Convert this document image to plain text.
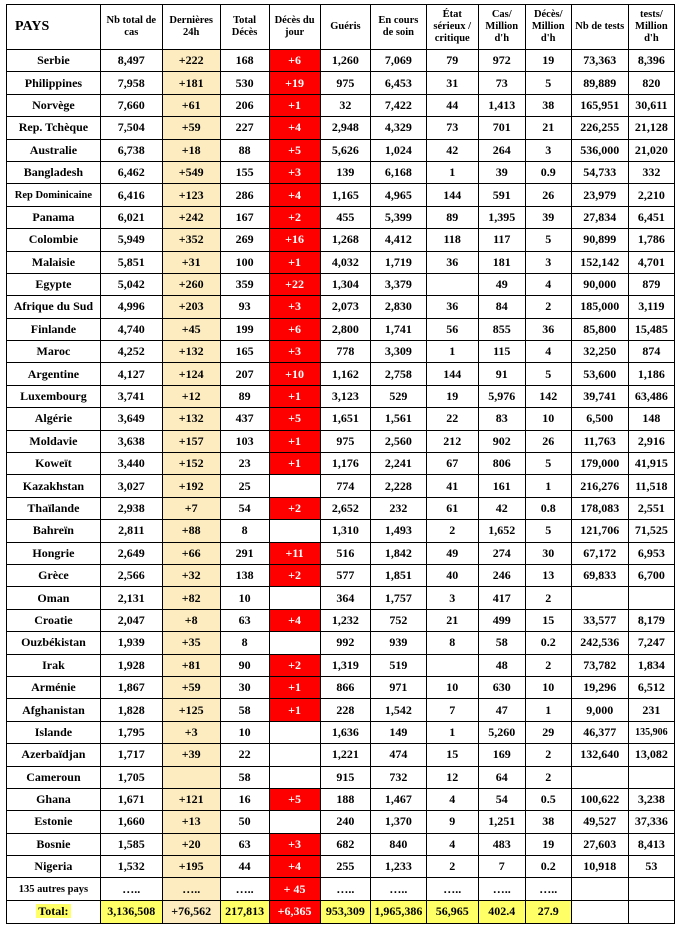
PAYS	Nb total de cas	Dernières 24h	Total Décès	Décès du jour	Guéris	En cours de soin	État sérieux / critique	Cas/ Million d'h	Décès/ Million d'h	Nb de tests	tests/ Million d'h
Serbie	8,497	+222	168	+6	1,260	7,069	79	972	19	73,363	8,396
Philippines	7,958	+181	530	+19	975	6,453	31	73	5	89,889	820
Norvège	7,660	+61	206	+1	32	7,422	44	1,413	38	165,951	30,611
Rep. Tchèque	7,504	+59	227	+4	2,948	4,329	73	701	21	226,255	21,128
Australie	6,738	+18	88	+5	5,626	1,024	42	264	3	536,000	21,020
Bangladesh	6,462	+549	155	+3	139	6,168	1	39	0.9	54,733	332
Rep Dominicaine	6,416	+123	286	+4	1,165	4,965	144	591	26	23,979	2,210
Panama	6,021	+242	167	+2	455	5,399	89	1,395	39	27,834	6,451
Colombie	5,949	+352	269	+16	1,268	4,412	118	117	5	90,899	1,786
Malaisie	5,851	+31	100	+1	4,032	1,719	36	181	3	152,142	4,701
Egypte	5,042	+260	359	+22	1,304	3,379		49	4	90,000	879
Afrique du Sud	4,996	+203	93	+3	2,073	2,830	36	84	2	185,000	3,119
Finlande	4,740	+45	199	+6	2,800	1,741	56	855	36	85,800	15,485
Maroc	4,252	+132	165	+3	778	3,309	1	115	4	32,250	874
Argentine	4,127	+124	207	+10	1,162	2,758	144	91	5	53,600	1,186
Luxembourg	3,741	+12	89	+1	3,123	529	19	5,976	142	39,741	63,486
Algérie	3,649	+132	437	+5	1,651	1,561	22	83	10	6,500	148
Moldavie	3,638	+157	103	+1	975	2,560	212	902	26	11,763	2,916
Koweït	3,440	+152	23	+1	1,176	2,241	67	806	5	179,000	41,915
Kazakhstan	3,027	+192	25		774	2,228	41	161	1	216,276	11,518
Thaïlande	2,938	+7	54	+2	2,652	232	61	42	0.8	178,083	2,551
Bahreïn	2,811	+88	8		1,310	1,493	2	1,652	5	121,706	71,525
Hongrie	2,649	+66	291	+11	516	1,842	49	274	30	67,172	6,953
Grèce	2,566	+32	138	+2	577	1,851	40	246	13	69,833	6,700
Oman	2,131	+82	10		364	1,757	3	417	2		
Croatie	2,047	+8	63	+4	1,232	752	21	499	15	33,577	8,179
Ouzbékistan	1,939	+35	8		992	939	8	58	0.2	242,536	7,247
Irak	1,928	+81	90	+2	1,319	519		48	2	73,782	1,834
Arménie	1,867	+59	30	+1	866	971	10	630	10	19,296	6,512
Afghanistan	1,828	+125	58	+1	228	1,542	7	47	1	9,000	231
Islande	1,795	+3	10		1,636	149	1	5,260	29	46,377	135,906
Azerbaïdjan	1,717	+39	22		1,221	474	15	169	2	132,640	13,082
Cameroun	1,705		58		915	732	12	64	2		
Ghana	1,671	+121	16	+5	188	1,467	4	54	0.5	100,622	3,238
Estonie	1,660	+13	50		240	1,370	9	1,251	38	49,527	37,336
Bosnie	1,585	+20	63	+3	682	840	4	483	19	27,603	8,413
Nigeria	1,532	+195	44	+4	255	1,233	2	7	0.2	10,918	53
135 autres pays	…..	…..	…..	+ 45	…..	…..	…..	…..	…..		
Total:	3,136,508	+76,562	217,813	+6,365	953,309	1,965,386	56,965	402.4	27.9		
